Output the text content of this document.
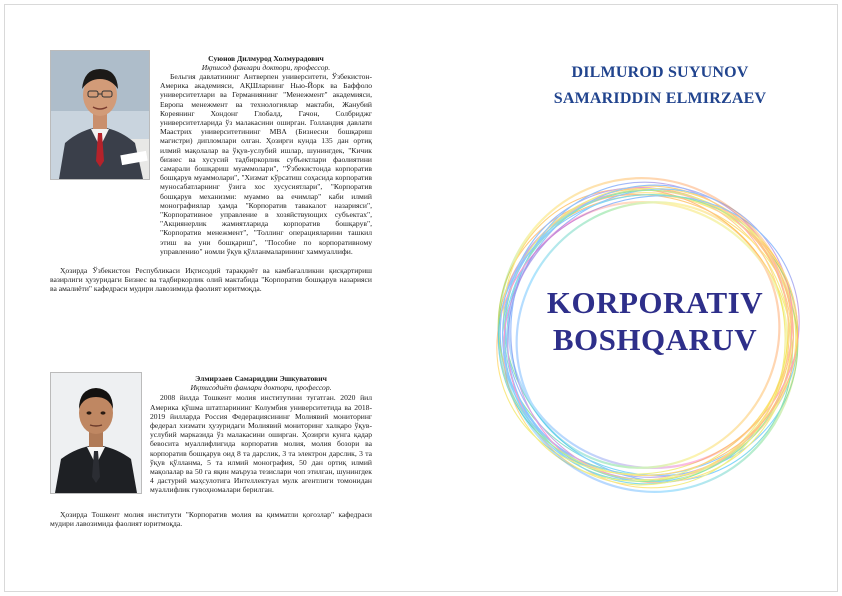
Суюнов Дилмурод Холмурадович
Иқтисод фанлари доктори, профессор.

Бельгия давлатининг Антверпен университети, Ўзбекистон-Америка академияси, АҚШларнинг Нью-Йорк ва Баффоло университетлари ва Германиянинг "Менежмент" академияси, Европа менежмент ва технологиялар мактаби, Жанубий Кореянинг Хондонг Глобалд, Гачон, Солбриджг университетларида ўз малакасини оширган. Голландия давлати Маастрих университетининг MBA (Бизнесни бошқариш магистри) дипломлари олган. Ҳозирги кунда 135 дан ортиқ илмий мақолалар ва ўқув-услубий ишлар, шунингдек, "Кичик бизнес ва хусусий тадбиркорлик субъектлари фаолиятини самарали бошқариш муаммолари", "Ўзбекистонда корпоратив бошқарув муаммолари", "Хизмат кўрсатиш соҳасида корпоратив муносабатларнинг ўзига хос хусусиятлари", "Корпоратив бошқарув механизми: муаммо ва ечимлар" каби илмий монографиялар ҳамда "Корпоратив тавакалот назарияси", "Корпоративное управление в хозяйствующих субъектах", "Акциянерлик жамиятларида корпоратив бошқарув", "Корпоратив менежмент", "Толлинг операцияларини ташкил этиш ва уни бошқариш", "Пособие по корпоративному управлению" номли ўқув қўлланмаларининг хаммуаллифи.

Ҳозирда Ўзбекистон Республикаси Иқтисодий тараққиёт ва камбағалликни қисқартириш вазирлиги ҳузуридаги Бизнес ва тадбиркорлик олий мактабида "Корпоратив бошқарув назарияси ва амалиёти" кафедраси мудири лавозимида фаолият юритмоқда.

Элмирзаев Самариддин Эшкуватович
Иқтисодиёт фанлари доктори, профессор.

2008 йилда Тошкент молия институтини тугатган. 2020 йил Америка қўшма штатларининг Колумбия университетида ва 2018-2019 йилларда Россия Федерациясининг Молиявий мониторинг федерал хизмати ҳузуридаги Молиявий мониторинг халқаро ўқув-услубий марказида ўз малакасини оширган. Ҳозирги кунга қадар бевосита муаллифлигида корпоратив молия, молия бозори ва корпоратив бошқарув оид 8 та дарслик, 3 та электрон дарслик, 3 та ўқув қўлланма, 5 та илмий монография, 50 дан ортиқ илмий мақолалар ва 50 га яқин маъруза тезислари чоп этилган, шунингдек 4 дастурий маҳсулотига Интеллектуал мулк агентлиги томонидан муаллифлик гувоҳномалари берилган.

Ҳозирда Тошкент молия институти "Корпоратив молия ва қимматли қоғозлар" кафедраси мудири лавозимида фаолият юритмоқда.

DILMUROD SUYUNOV
SAMARIDDIN ELMIRZAEV
KORPORATIV
BOSHQARUV
